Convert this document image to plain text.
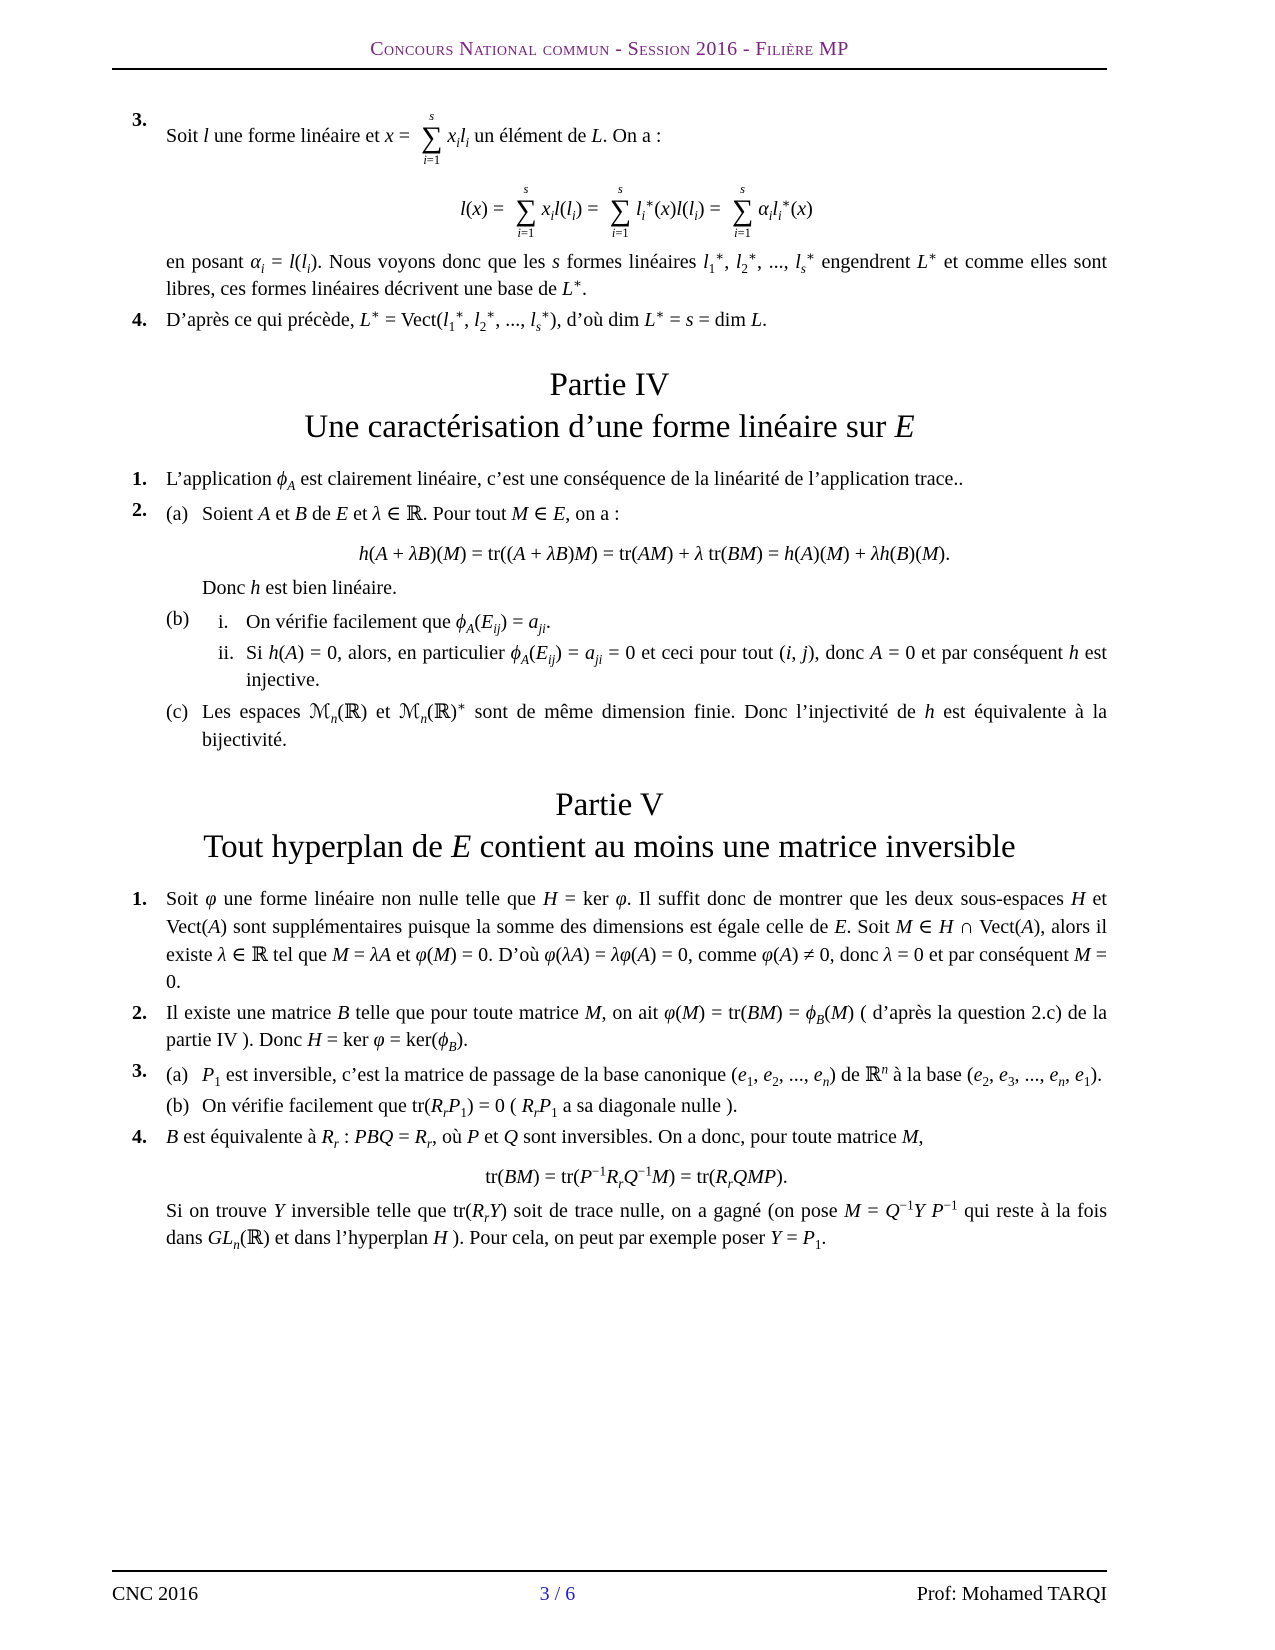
Concours National commun - Session 2016 - Filière MP
3.
Soit l une forme linéaire et x =
s
∑
i=1
$x_il_i$ un élément de L. On a :
l(x) =
s
∑
i=1
$x_il(l_i)$ =
s
∑
i=1
$l_i^∗(x)l(l_i)$ =
s
∑
i=1
$\alpha_il_i^∗(x)$
en posant $\alpha_i = l(l_i)$. Nous voyons donc que les s formes linéaires $l_1^∗$, $l_2^∗$, ..., $l_s^∗$ engendrent L∗ et comme elles sont libres, ces formes linéaires décrivent une base de L∗.
4. D’après ce qui précède, $L^∗ = Vect(l_1^∗$, $l_2^∗$, ..., $l_s^∗$), d’où dim L∗ = s = dim L.
Partie IV
Une caractérisation d’une forme linéaire sur E
1. L’application $\phi_A$ est clairement linéaire, c’est une conséquence de la linéarité de l’application trace..
2. (a) Soient A et B de E et λ ∈ ℝ. Pour tout M ∈ E, on a :
h(A + λB)(M) = tr((A + λB)M) = tr(AM) + λ tr(BM) = h(A)(M) + λh(B)(M).
Donc h est bien linéaire.
(b)	i. On vérifie facilement que $\phi_A(E_{ij}) = a_{ji}$.
ii. Si h(A) = 0, alors, en particulier $\phi_A(E_{ij}) = a_{ji} = 0$ et ceci pour tout (i, j), donc A = 0 et par conséquent h est injective.
(c) Les espaces ℳ$_n$(ℝ) et ℳ$_n$(ℝ)∗ sont de même dimension finie. Donc l’injectivité de h est équivalente à la bijectivité.
Partie V
Tout hyperplan de E contient au moins une matrice inversible
1. Soit φ une forme linéaire non nulle telle que H = ker φ. Il suffit donc de montrer que les deux sous-espaces H et Vect(A) sont supplémentaires puisque la somme des dimensions est égale celle de E. Soit M ∈ H ∩ Vect(A), alors il existe λ ∈ ℝ tel que M = λA et φ(M) = 0. D’où φ(λA) = λφ(A) = 0, comme φ(A) ≠ 0, donc λ = 0 et par conséquent M = 0.
2. Il existe une matrice B telle que pour toute matrice M, on ait $\varphi(M) = tr(BM) = \phi_B(M)$ ( d’après la question 2.c) de la partie IV ). Donc H = ker $\varphi = ker(\phi_B)$.
3. (a) $P_1$ est inversible, c’est la matrice de passage de la base canonique ($e_1$, $e_2$, ..., $e_n$) de ℝ$^n$ à la base ($e_2$, $e_3$, ..., $e_n$, $e_1$).
(b) On vérifie facilement que $tr(R_rP_1) = 0$ ( $R_rP_1$ a sa diagonale nulle ).
4. B est équivalente à $R_r$ : PBQ = $R_r$, où P et Q sont inversibles. On a donc, pour toute matrice M,
$tr(BM) = tr(P^{-1}R_rQ^{-1}M) = tr(R_rQMP)$.
Si on trouve Y inversible telle que $tr(R_rY)$ soit de trace nulle, on a gagné (on pose $M = Q^{-1}Y$ $P^{-1}$ qui reste à la fois dans $GL_n(ℝ)$ et dans l’hyperplan H ). Pour cela, on peut par exemple poser $Y = P_1$.
CNC 2016	3 / 6	Prof: Mohamed TARQI
